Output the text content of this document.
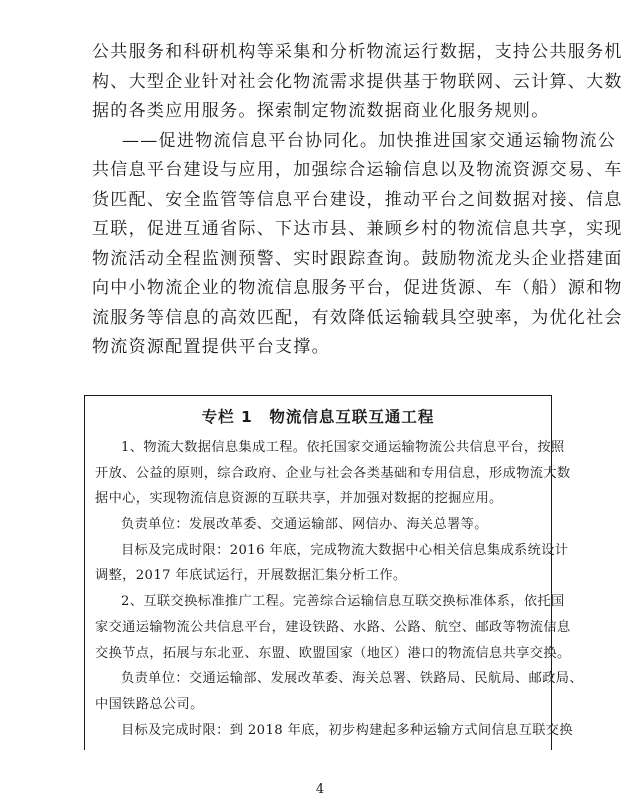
公共服务和科研机构等采集和分析物流运行数据，支持公共服务机
构、大型企业针对社会化物流需求提供基于物联网、云计算、大数
据的各类应用服务。探索制定物流数据商业化服务规则。
——促进物流信息平台协同化。加快推进国家交通运输物流公
共信息平台建设与应用，加强综合运输信息以及物流资源交易、车
货匹配、安全监管等信息平台建设，推动平台之间数据对接、信息
互联，促进互通省际、下达市县、兼顾乡村的物流信息共享，实现
物流活动全程监测预警、实时跟踪查询。鼓励物流龙头企业搭建面
向中小物流企业的物流信息服务平台，促进货源、车（船）源和物
流服务等信息的高效匹配，有效降低运输载具空驶率，为优化社会
物流资源配置提供平台支撑。
专栏 1　物流信息互联互通工程
1、物流大数据信息集成工程。依托国家交通运输物流公共信息平台，按照
开放、公益的原则，综合政府、企业与社会各类基础和专用信息，形成物流大数
据中心，实现物流信息资源的互联共享，并加强对数据的挖掘应用。
负责单位：发展改革委、交通运输部、网信办、海关总署等。
目标及完成时限：2016 年底，完成物流大数据中心相关信息集成系统设计
调整，2017 年底试运行，开展数据汇集分析工作。
2、互联交换标准推广工程。完善综合运输信息互联交换标准体系，依托国
家交通运输物流公共信息平台，建设铁路、水路、公路、航空、邮政等物流信息
交换节点，拓展与东北亚、东盟、欧盟国家（地区）港口的物流信息共享交换。
负责单位：交通运输部、发展改革委、海关总署、铁路局、民航局、邮政局、
中国铁路总公司。
目标及完成时限：到 2018 年底，初步构建起多种运输方式间信息互联交换
4
